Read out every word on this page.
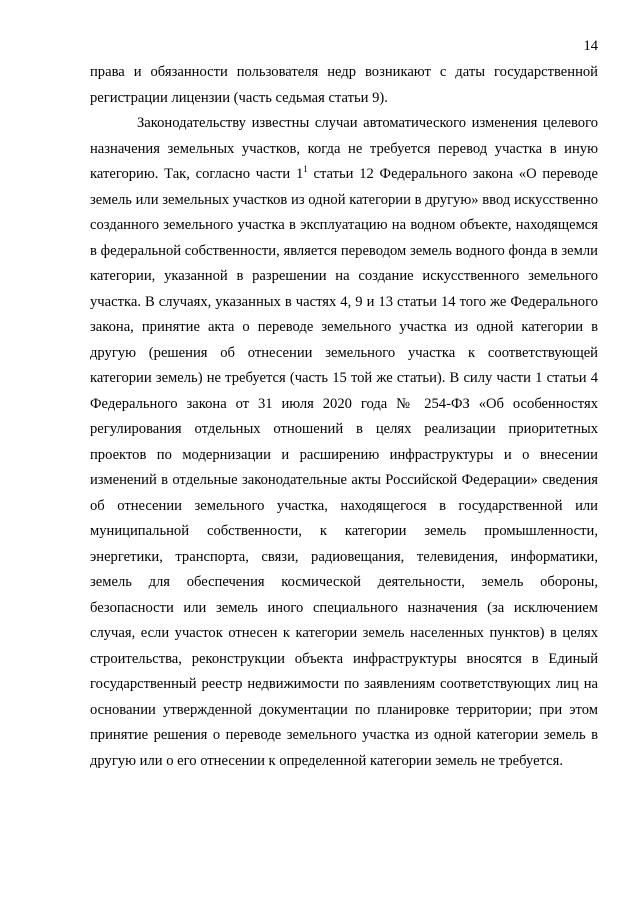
14

права и обязанности пользователя недр возникают с даты государственной регистрации лицензии (часть седьмая статьи 9).

Законодательству известны случаи автоматического изменения целевого назначения земельных участков, когда не требуется перевод участка в иную категорию. Так, согласно части $1^1$ статьи 12 Федерального закона «О переводе земель или земельных участков из одной категории в другую» ввод искусственно созданного земельного участка в эксплуатацию на водном объекте, находящемся в федеральной собственности, является переводом земель водного фонда в земли категории, указанной в разрешении на создание искусственного земельного участка. В случаях, указанных в частях 4, 9 и 13 статьи 14 того же Федерального закона, принятие акта о переводе земельного участка из одной категории в другую (решения об отнесении земельного участка к соответствующей категории земель) не требуется (часть 15 той же статьи). В силу части 1 статьи 4 Федерального закона от 31 июля 2020 года № 254-ФЗ «Об особенностях регулирования отдельных отношений в целях реализации приоритетных проектов по модернизации и расширению инфраструктуры и о внесении изменений в отдельные законодательные акты Российской Федерации» сведения об отнесении земельного участка, находящегося в государственной или муниципальной собственности, к категории земель промышленности, энергетики, транспорта, связи, радиовещания, телевидения, информатики, земель для обеспечения космической деятельности, земель обороны, безопасности или земель иного специального назначения (за исключением случая, если участок отнесен к категории земель населенных пунктов) в целях строительства, реконструкции объекта инфраструктуры вносятся в Единый государственный реестр недвижимости по заявлениям соответствующих лиц на основании утвержденной документации по планировке территории; при этом принятие решения о переводе земельного участка из одной категории земель в другую или о его отнесении к определенной категории земель не требуется.
